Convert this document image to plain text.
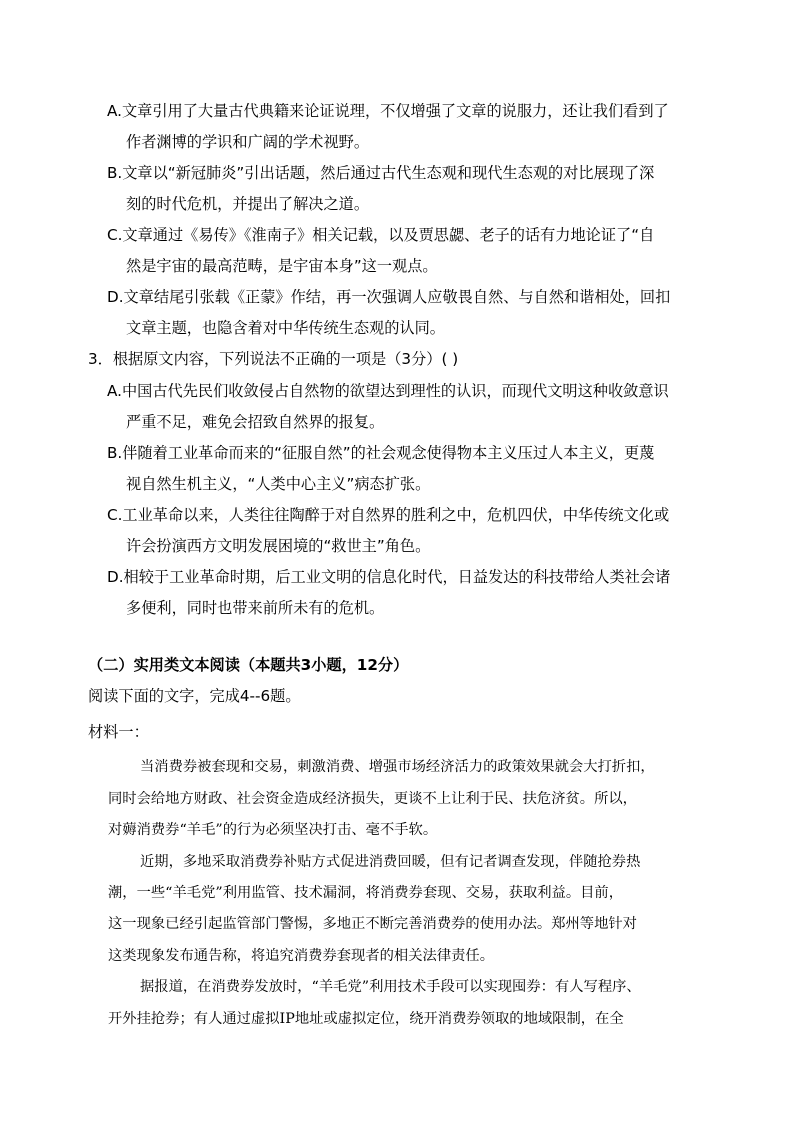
A.文章引用了大量古代典籍来论证说理，不仅增强了文章的说服力，还让我们看到了
作者渊博的学识和广阔的学术视野。
B.文章以“新冠肺炎”引出话题，然后通过古代生态观和现代生态观的对比展现了深
刻的时代危机，并提出了解决之道。
C.文章通过《易传》《淮南子》相关记载，以及贾思勰、老子的话有力地论证了“自
然是宇宙的最高范畴，是宇宙本身”这一观点。
D.文章结尾引张载《正蒙》作结，再一次强调人应敬畏自然、与自然和谐相处，回扣
文章主题，也隐含着对中华传统生态观的认同。
3．根据原文内容，下列说法不正确的一项是（3分）( )
A.中国古代先民们收敛侵占自然物的欲望达到理性的认识，而现代文明这种收敛意识
严重不足，难免会招致自然界的报复。
B.伴随着工业革命而来的“征服自然”的社会观念使得物本主义压过人本主义，更蔑
视自然生机主义，“人类中心主义”病态扩张。
C.工业革命以来，人类往往陶醉于对自然界的胜利之中，危机四伏，中华传统文化或
许会扮演西方文明发展困境的“救世主”角色。
D.相较于工业革命时期，后工业文明的信息化时代，日益发达的科技带给人类社会诸
多便利，同时也带来前所未有的危机。
（二）实用类文本阅读（本题共3小题，12分）
阅读下面的文字，完成4--6题。
材料一：
当消费券被套现和交易，刺激消费、增强市场经济活力的政策效果就会大打折扣，
同时会给地方财政、社会资金造成经济损失，更谈不上让利于民、扶危济贫。所以，
对薅消费券“羊毛”的行为必须坚决打击、毫不手软。
近期，多地采取消费券补贴方式促进消费回暖，但有记者调查发现，伴随抢券热
潮，一些“羊毛党”利用监管、技术漏洞，将消费券套现、交易，获取利益。目前，
这一现象已经引起监管部门警惕，多地正不断完善消费券的使用办法。郑州等地针对
这类现象发布通告称，将追究消费券套现者的相关法律责任。
据报道，在消费券发放时，“羊毛党”利用技术手段可以实现囤券：有人写程序、
开外挂抢券；有人通过虚拟IP地址或虚拟定位，绕开消费券领取的地域限制，在全
